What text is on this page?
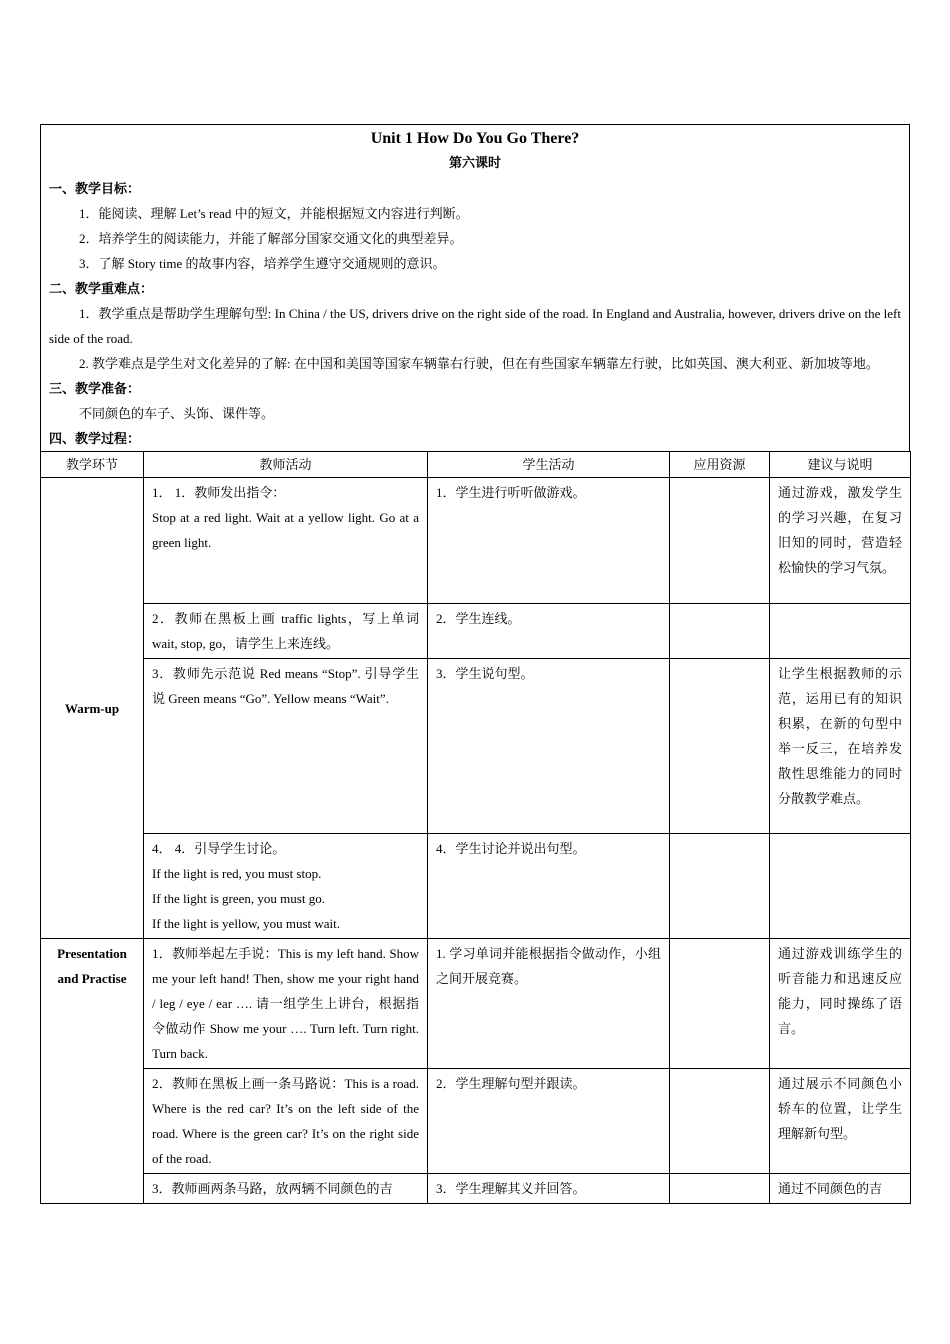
Unit 1 How Do You Go There?
第六课时
一、教学目标：
1．能阅读、理解 Let’s read 中的短文，并能根据短文内容进行判断。
2．培养学生的阅读能力，并能了解部分国家交通文化的典型差异。
3．了解 Story time 的故事内容，培养学生遵守交通规则的意识。
二、教学重难点：
1．教学重点是帮助学生理解句型: In China / the US, drivers drive on the right side of the road. In England and Australia, however, drivers drive on the left side of the road.
2. 教学难点是学生对文化差异的了解: 在中国和美国等国家车辆靠右行驶，但在有些国家车辆靠左行驶，比如英国、澳大利亚、新加坡等地。
三、教学准备：
不同颜色的车子、头饰、课件等。
四、教学过程：
教学环节	教师活动	学生活动	应用资源	建议与说明
Warm-up	1． 1．教师发出指令：
Stop at a red light. Wait at a yellow light. Go at a green light.	1．学生进行听听做游戏。		通过游戏，激发学生的学习兴趣，在复习旧知的同时，营造轻松愉快的学习气氛。

	2．教师在黑板上画 traffic lights，写上单词 wait, stop, go，请学生上来连线。	2．学生连线。		

	3．教师先示范说 Red means “Stop”. 引导学生说 Green means “Go”. Yellow means “Wait”.	3．学生说句型。		让学生根据教师的示范，运用已有的知识积累，在新的句型中举一反三，在培养发散性思维能力的同时分散教学难点。

	4． 4．引导学生讨论。
If the light is red, you must stop.
If the light is green, you must go.
If the light is yellow, you must wait.	4．学生讨论并说出句型。		
Presentation and Practise	1．教师举起左手说：This is my left hand. Show me your left hand! Then, show me your right hand / leg / eye / ear …. 请一组学生上讲台，根据指令做动作 Show me your …. Turn left. Turn right. Turn back.	1. 学习单词并能根据指令做动作，小组之间开展竞赛。		通过游戏训练学生的听音能力和迅速反应能力，同时操练了语言。

	2．教师在黑板上画一条马路说：This is a road. Where is the red car? It’s on the left side of the road. Where is the green car? It’s on the right side of the road.	2．学生理解句型并跟读。		通过展示不同颜色小轿车的位置，让学生理解新句型。

	3．教师画两条马路，放两辆不同颜色的吉	3．学生理解其义并回答。		通过不同颜色的吉
